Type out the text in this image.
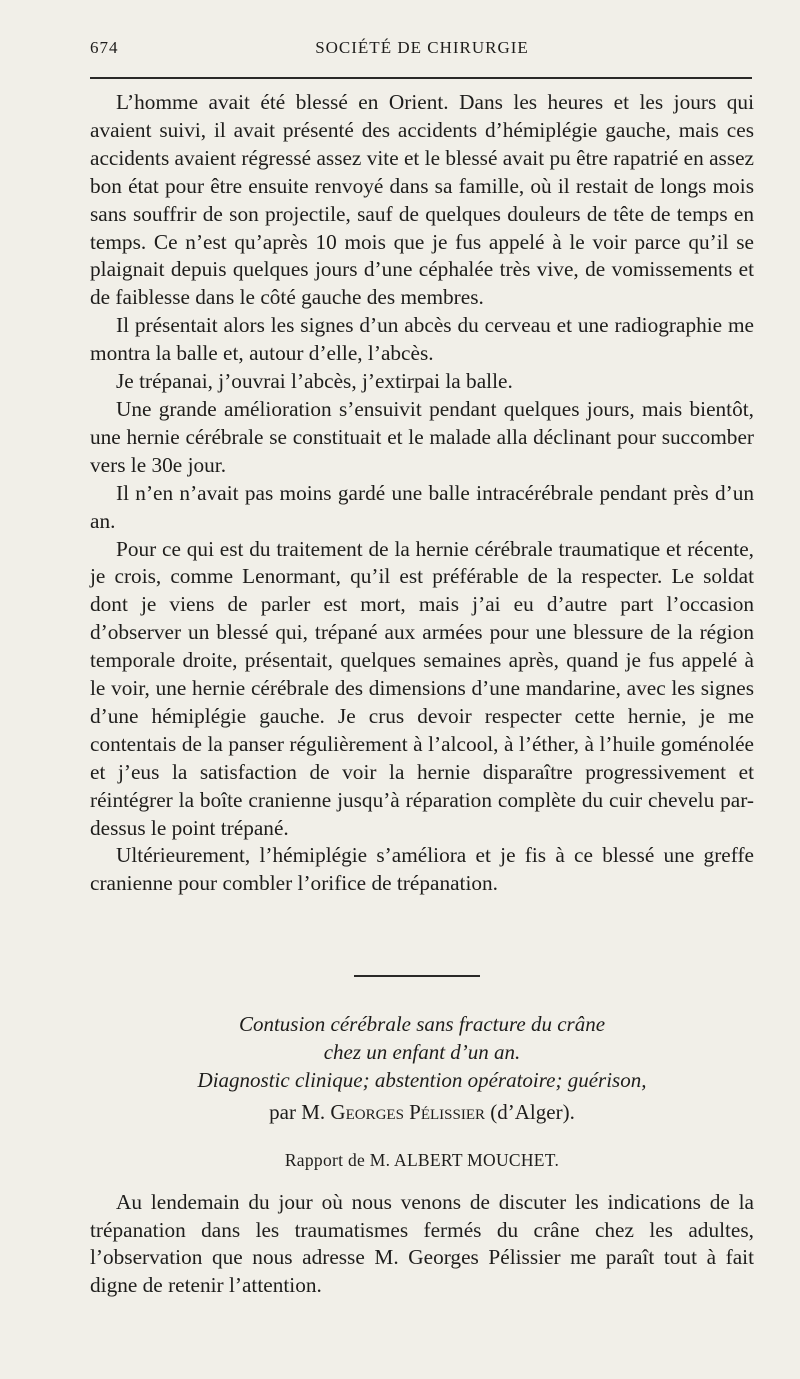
674	SOCIÉTÉ DE CHIRURGIE

L’homme avait été blessé en Orient. Dans les heures et les jours qui avaient suivi, il avait présenté des accidents d’hémiplégie gauche, mais ces accidents avaient régressé assez vite et le blessé avait pu être rapatrié en assez bon état pour être ensuite renvoyé dans sa famille, où il restait de longs mois sans souffrir de son projectile, sauf de quelques douleurs de tête de temps en temps. Ce n’est qu’après 10 mois que je fus appelé à le voir parce qu’il se plaignait depuis quelques jours d’une céphalée très vive, de vomissements et de faiblesse dans le côté gauche des membres.

Il présentait alors les signes d’un abcès du cerveau et une radiographie me montra la balle et, autour d’elle, l’abcès.

Je trépanai, j’ouvrai l’abcès, j’extirpai la balle.

Une grande amélioration s’ensuivit pendant quelques jours, mais bientôt, une hernie cérébrale se constituait et le malade alla déclinant pour succomber vers le 30e jour.

Il n’en n’avait pas moins gardé une balle intracérébrale pendant près d’un an.

Pour ce qui est du traitement de la hernie cérébrale traumatique et récente, je crois, comme Lenormant, qu’il est préférable de la respecter. Le soldat dont je viens de parler est mort, mais j’ai eu d’autre part l’occasion d’observer un blessé qui, trépané aux armées pour une blessure de la région temporale droite, présentait, quelques semaines après, quand je fus appelé à le voir, une hernie cérébrale des dimensions d’une mandarine, avec les signes d’une hémiplégie gauche. Je crus devoir respecter cette hernie, je me contentais de la panser régulièrement à l’alcool, à l’éther, à l’huile goménolée et j’eus la satisfaction de voir la hernie disparaître progressivement et réintégrer la boîte cranienne jusqu’à réparation complète du cuir chevelu par-dessus le point trépané.

Ultérieurement, l’hémiplégie s’améliora et je fis à ce blessé une greffe cranienne pour combler l’orifice de trépanation.

Contusion cérébrale sans fracture du crâne
chez un enfant d’un an.
Diagnostic clinique; abstention opératoire; guérison,
par M. Georges Pélissier (d’Alger).
Rapport de M. ALBERT MOUCHET.

Au lendemain du jour où nous venons de discuter les indications de la trépanation dans les traumatismes fermés du crâne chez les adultes, l’observation que nous adresse M. Georges Pélissier me paraît tout à fait digne de retenir l’attention.
